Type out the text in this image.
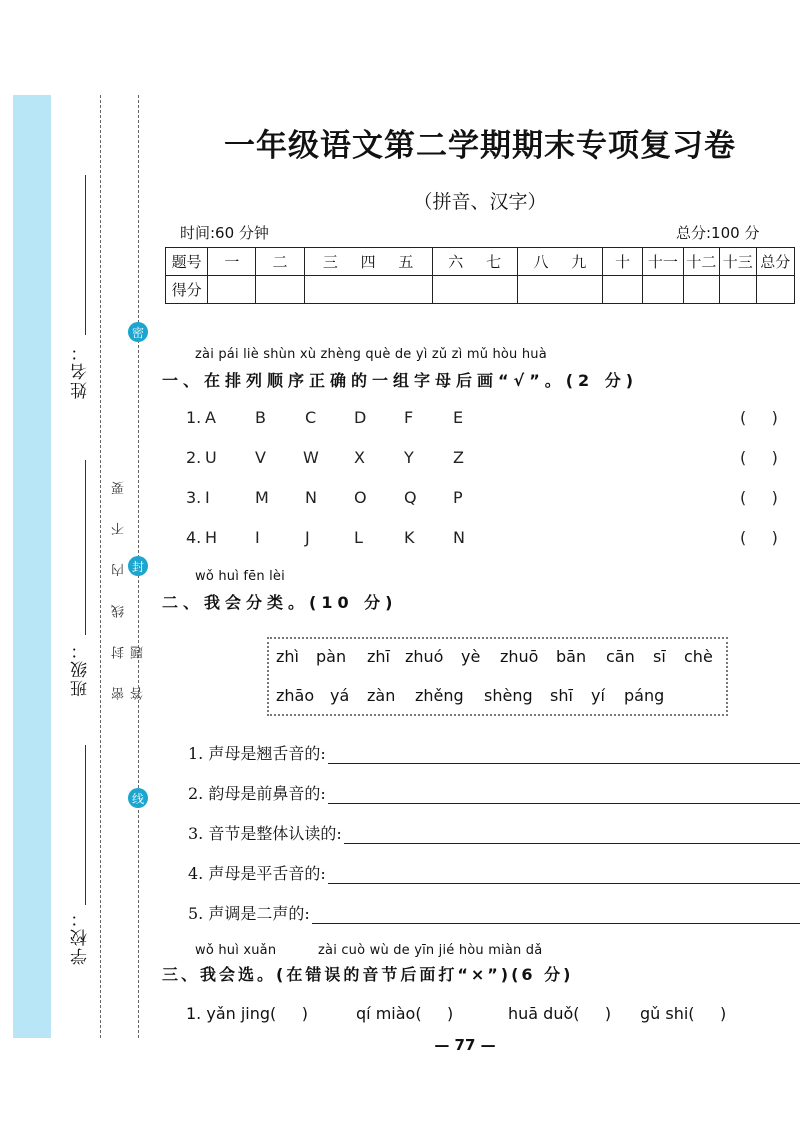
姓名：
班级：
学校：
密 封 线 内 不 要 答 题
密
封
线
一年级语文第二学期期末专项复习卷
（拼音、汉字）
时间:60 分钟	总分:100 分
题号	一	二	三 四 五	六 七	八 九	十	十一	十二	十三	总分
得分										
zài pái liè shùn xù zhèng què de yì zǔ zì mǔ hòu huà
一、在排列顺序正确的一组字母后画“√”。(2 分)
1. A B C D F E	(     )
2. U V W X Y Z	(     )
3. I	M N O Q P	(     )
4. H I	J	L	K N	(     )
wǒ huì fēn lèi
二、我会分类。(10 分)
zhì pàn zhī zhuó yè zhuō bān cān sī chè
zhāo yá zàn zhěng shèng shī yí páng
1. 声母是翘舌音的:
2. 韵母是前鼻音的:
3. 音节是整体认读的:
4. 声母是平舌音的:
5. 声调是二声的:
wǒ huì xuǎn	zài cuò wù de yīn jié hòu miàn dǎ
三、我会选。(在错误的音节后面打“×”)(6 分)
1. yǎn jing(     )	qí miào(     )	huā duǒ(     ) gǔ shi(     )
— 77 —
